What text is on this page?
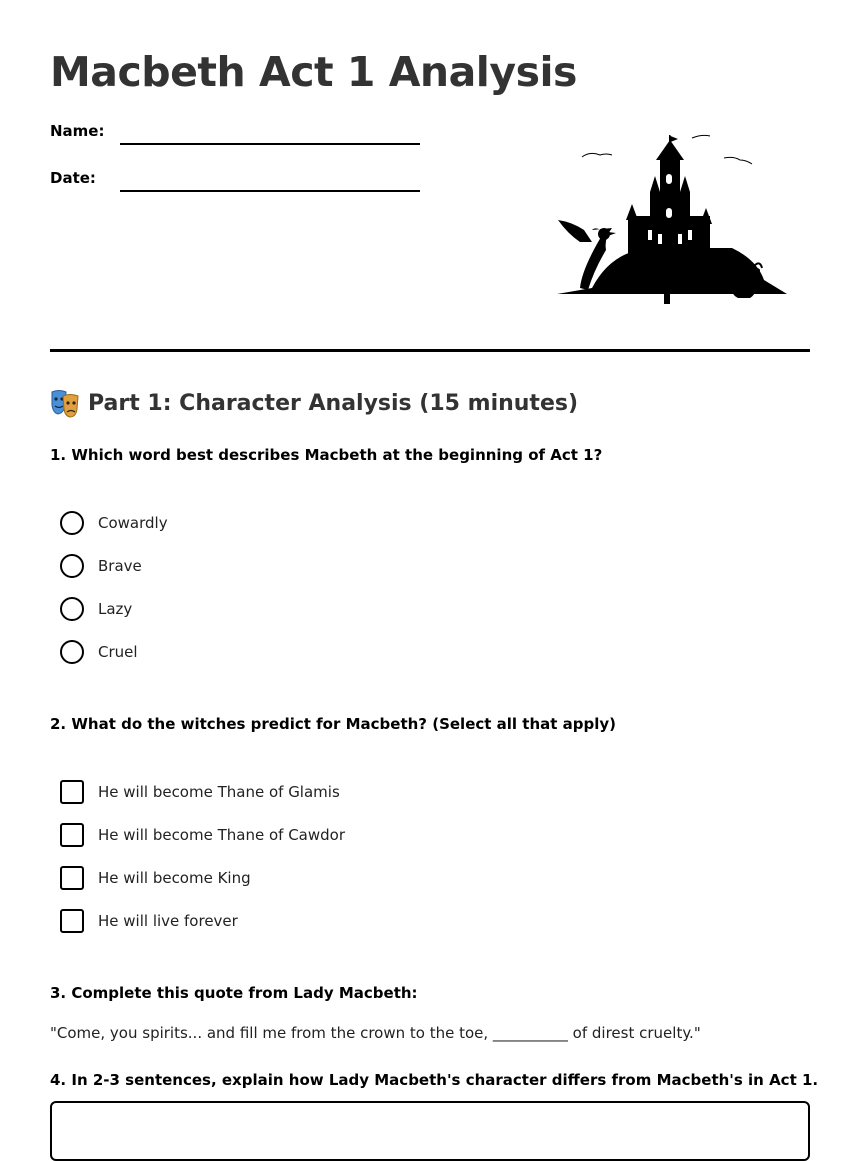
Macbeth Act 1 Analysis
Name:
Date:
Part 1: Character Analysis (15 minutes)
1. Which word best describes Macbeth at the beginning of Act 1?
Cowardly
Brave
Lazy
Cruel
2. What do the witches predict for Macbeth? (Select all that apply)
He will become Thane of Glamis
He will become Thane of Cawdor
He will become King
He will live forever
3. Complete this quote from Lady Macbeth:
"Come, you spirits... and fill me from the crown to the toe, __________ of direst cruelty."
4. In 2-3 sentences, explain how Lady Macbeth's character differs from Macbeth's in Act 1.
